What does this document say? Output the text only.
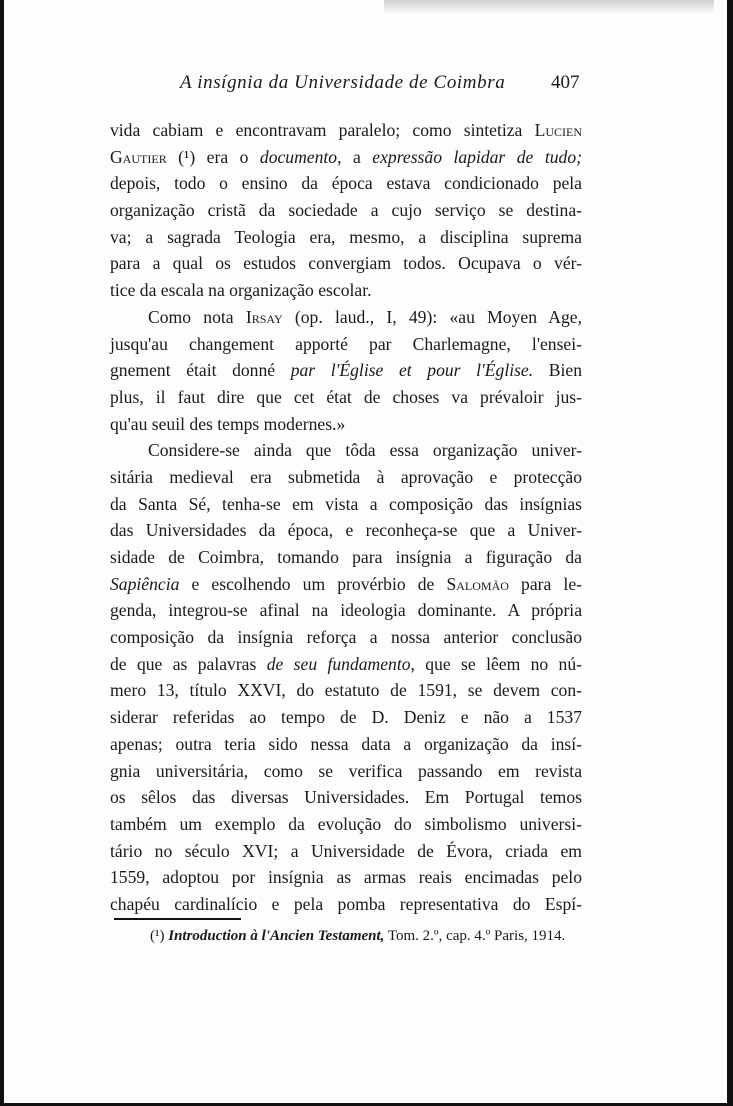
A insígnia da Universidade de Coimbra 407
vida cabiam e encontravam paralelo; como sintetiza Lucien
Gautier (¹) era o documento, a expressão lapidar de tudo;
depois, todo o ensino da época estava condicionado pela
organização cristã da sociedade a cujo serviço se destina-
va; a sagrada Teologia era, mesmo, a disciplina suprema
para a qual os estudos convergiam todos. Ocupava o vér-
tice da escala na organização escolar.
Como nota Irsay (op. laud., I, 49): «au Moyen Age,
jusqu'au changement apporté par Charlemagne, l'ensei-
gnement était donné par l'Église et pour l'Église. Bien
plus, il faut dire que cet état de choses va prévaloir jus-
qu'au seuil des temps modernes.»
Considere-se ainda que tôda essa organização univer-
sitária medieval era submetida à aprovação e protecção
da Santa Sé, tenha-se em vista a composição das insígnias
das Universidades da época, e reconheça-se que a Univer-
sidade de Coimbra, tomando para insígnia a figuração da
Sapiência e escolhendo um provérbio de Salomão para le-
genda, integrou-se afinal na ideologia dominante. A própria
composição da insígnia reforça a nossa anterior conclusão
de que as palavras de seu fundamento, que se lêem no nú-
mero 13, título XXVI, do estatuto de 1591, se devem con-
siderar referidas ao tempo de D. Deniz e não a 1537
apenas; outra teria sido nessa data a organização da insí-
gnia universitária, como se verifica passando em revista
os sêlos das diversas Universidades. Em Portugal temos
também um exemplo da evolução do simbolismo universi-
tário no século XVI; a Universidade de Évora, criada em
1559, adoptou por insígnia as armas reais encimadas pelo
chapéu cardinalício e pela pomba representativa do Espí-
(¹) Introduction à l'Ancien Testament, Tom. 2.º, cap. 4.º Paris, 1914.
